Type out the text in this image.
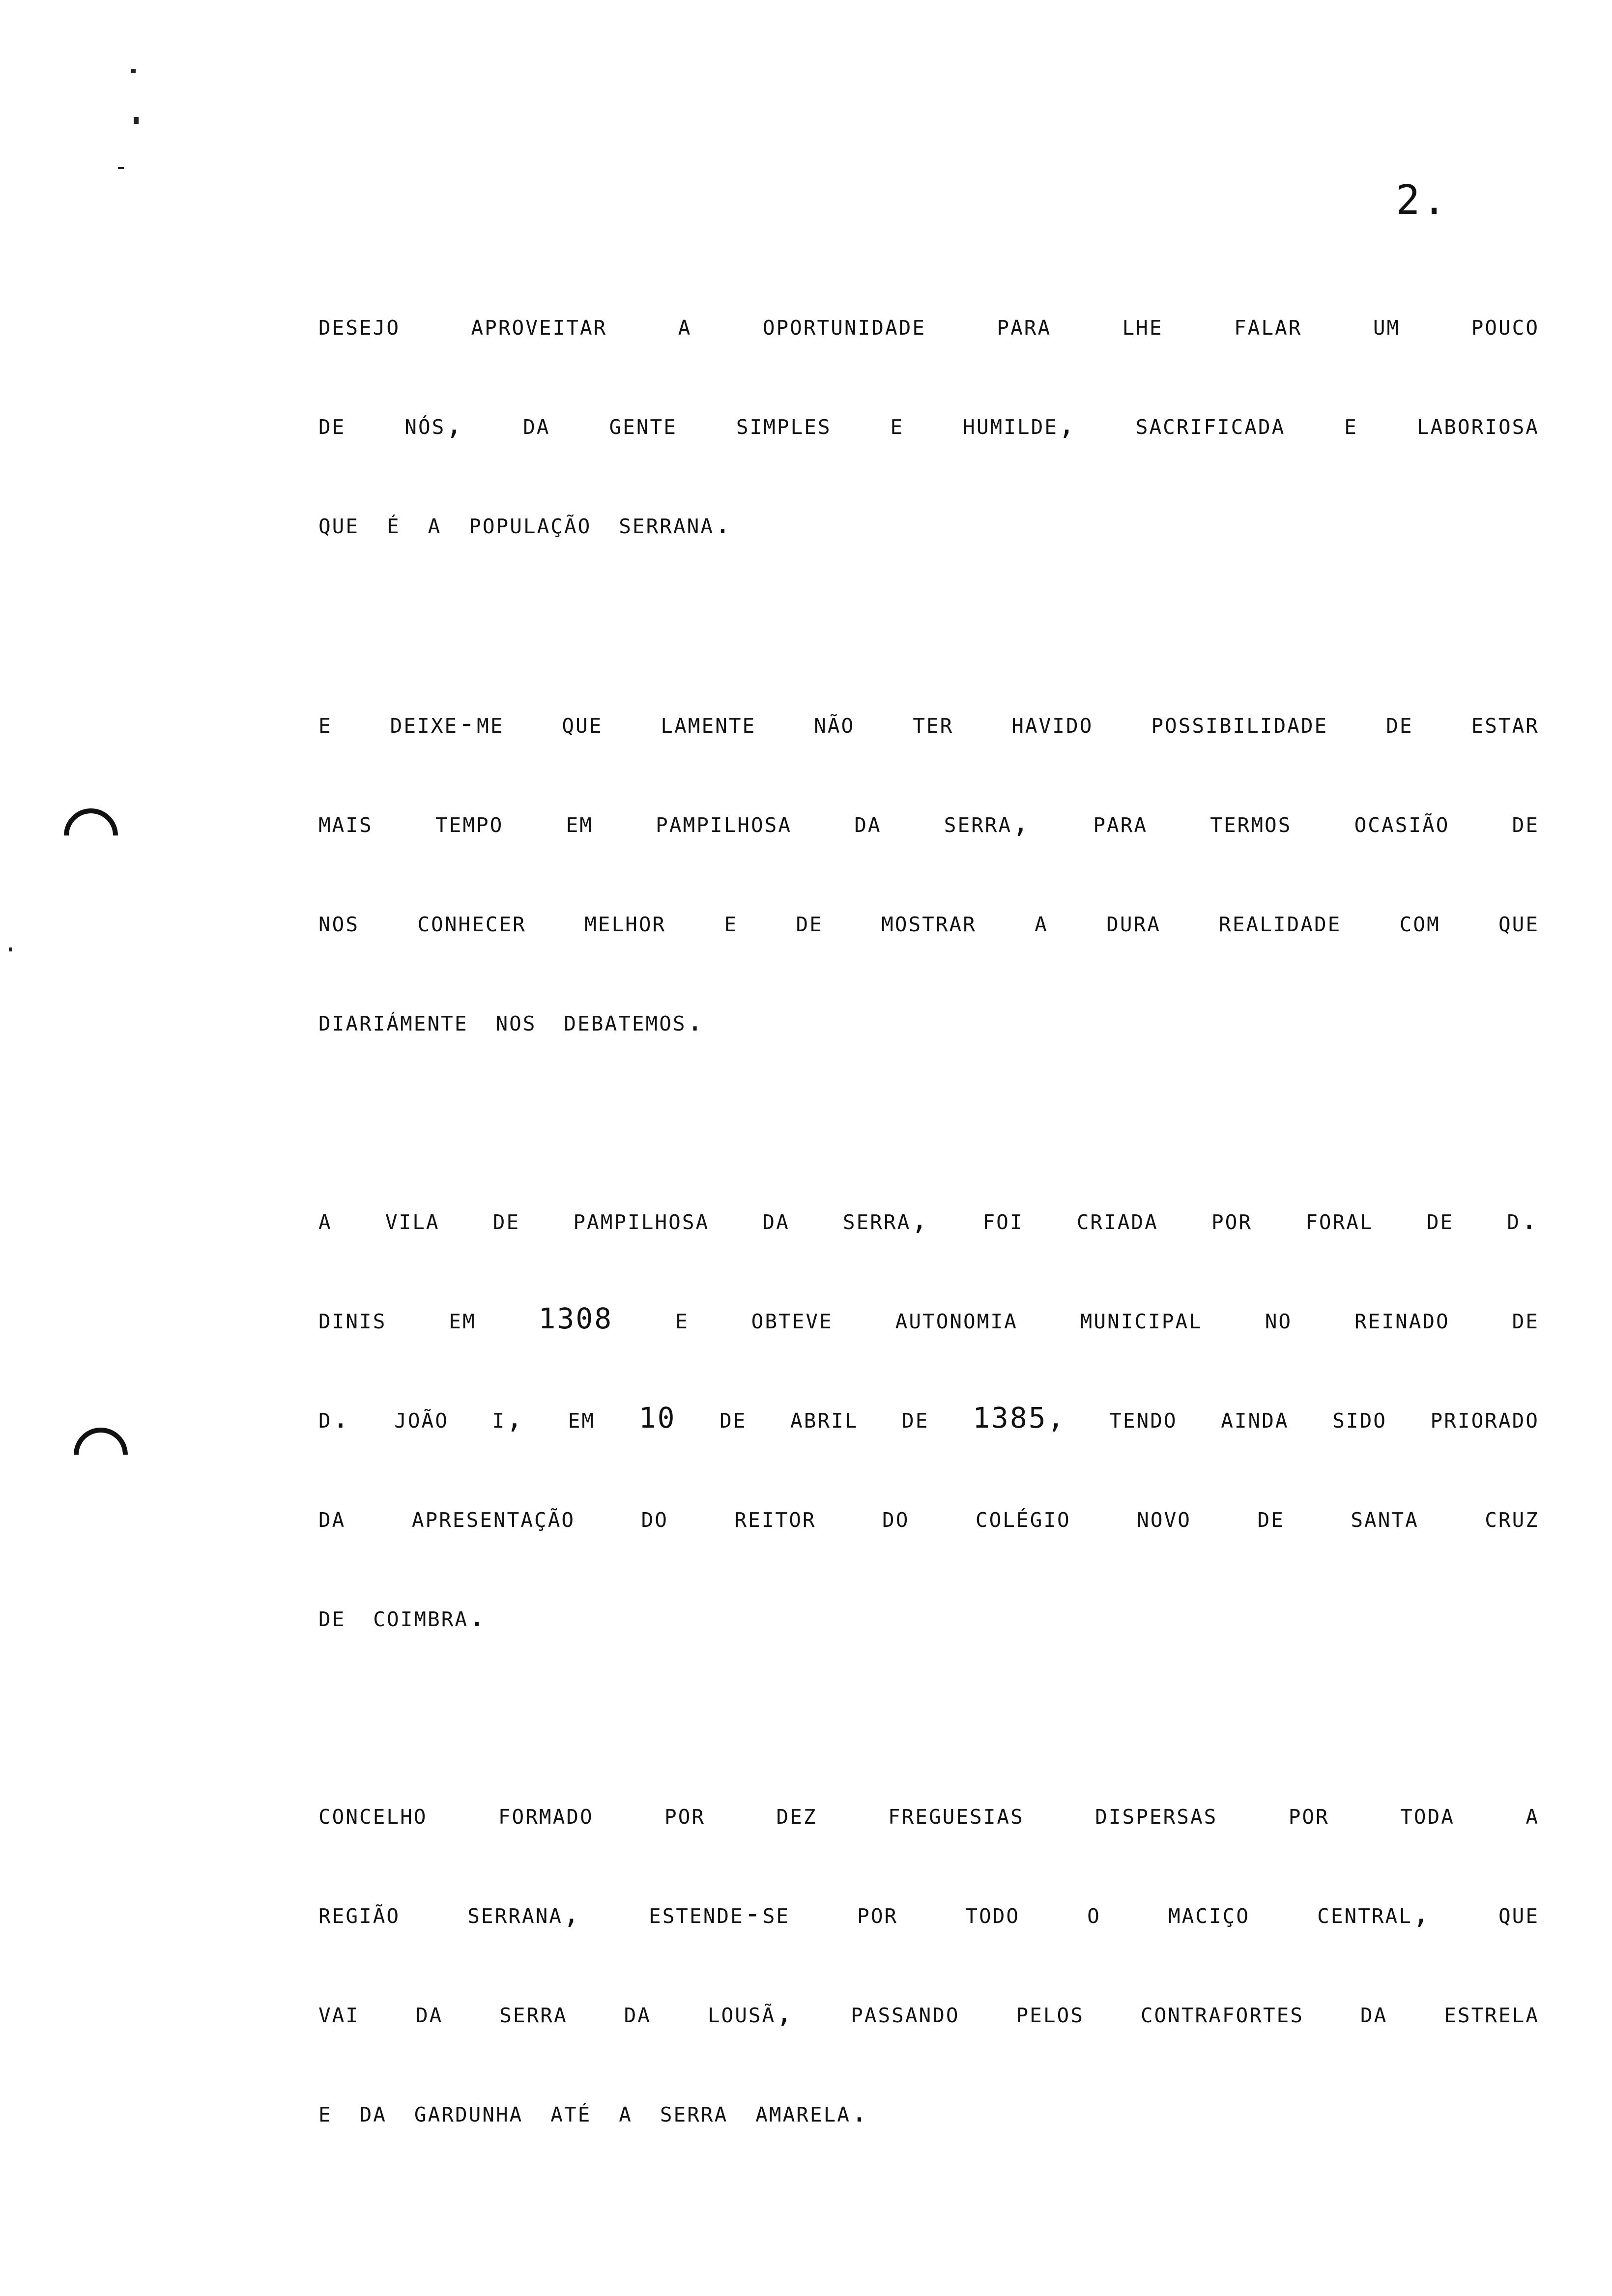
2.
desejo aproveitar a oportunidade para lhe falar um pouco
de nós, da gente simples e humilde, sacrificada e laboriosa
que é a população serrana.
e deixe-me que lamente não ter havido possibilidade de estar
mais tempo em pampilhosa da serra, para termos ocasião de
nos conhecer melhor e de mostrar a dura realidade com que
diariámente nos debatemos.
a vila de pampilhosa da serra, foi criada por foral de d.
dinis em 1308 e obteve autonomia municipal no reinado de
d. joão i, em 10 de abril de 1385, tendo ainda sido priorado
da apresentação do reitor do colégio novo de santa cruz
de coimbra.
concelho formado por dez freguesias dispersas por toda a
região serrana, estende-se por todo o maciço central, que
vai da serra da lousã, passando pelos contrafortes da estrela
e da gardunha até a serra amarela.
